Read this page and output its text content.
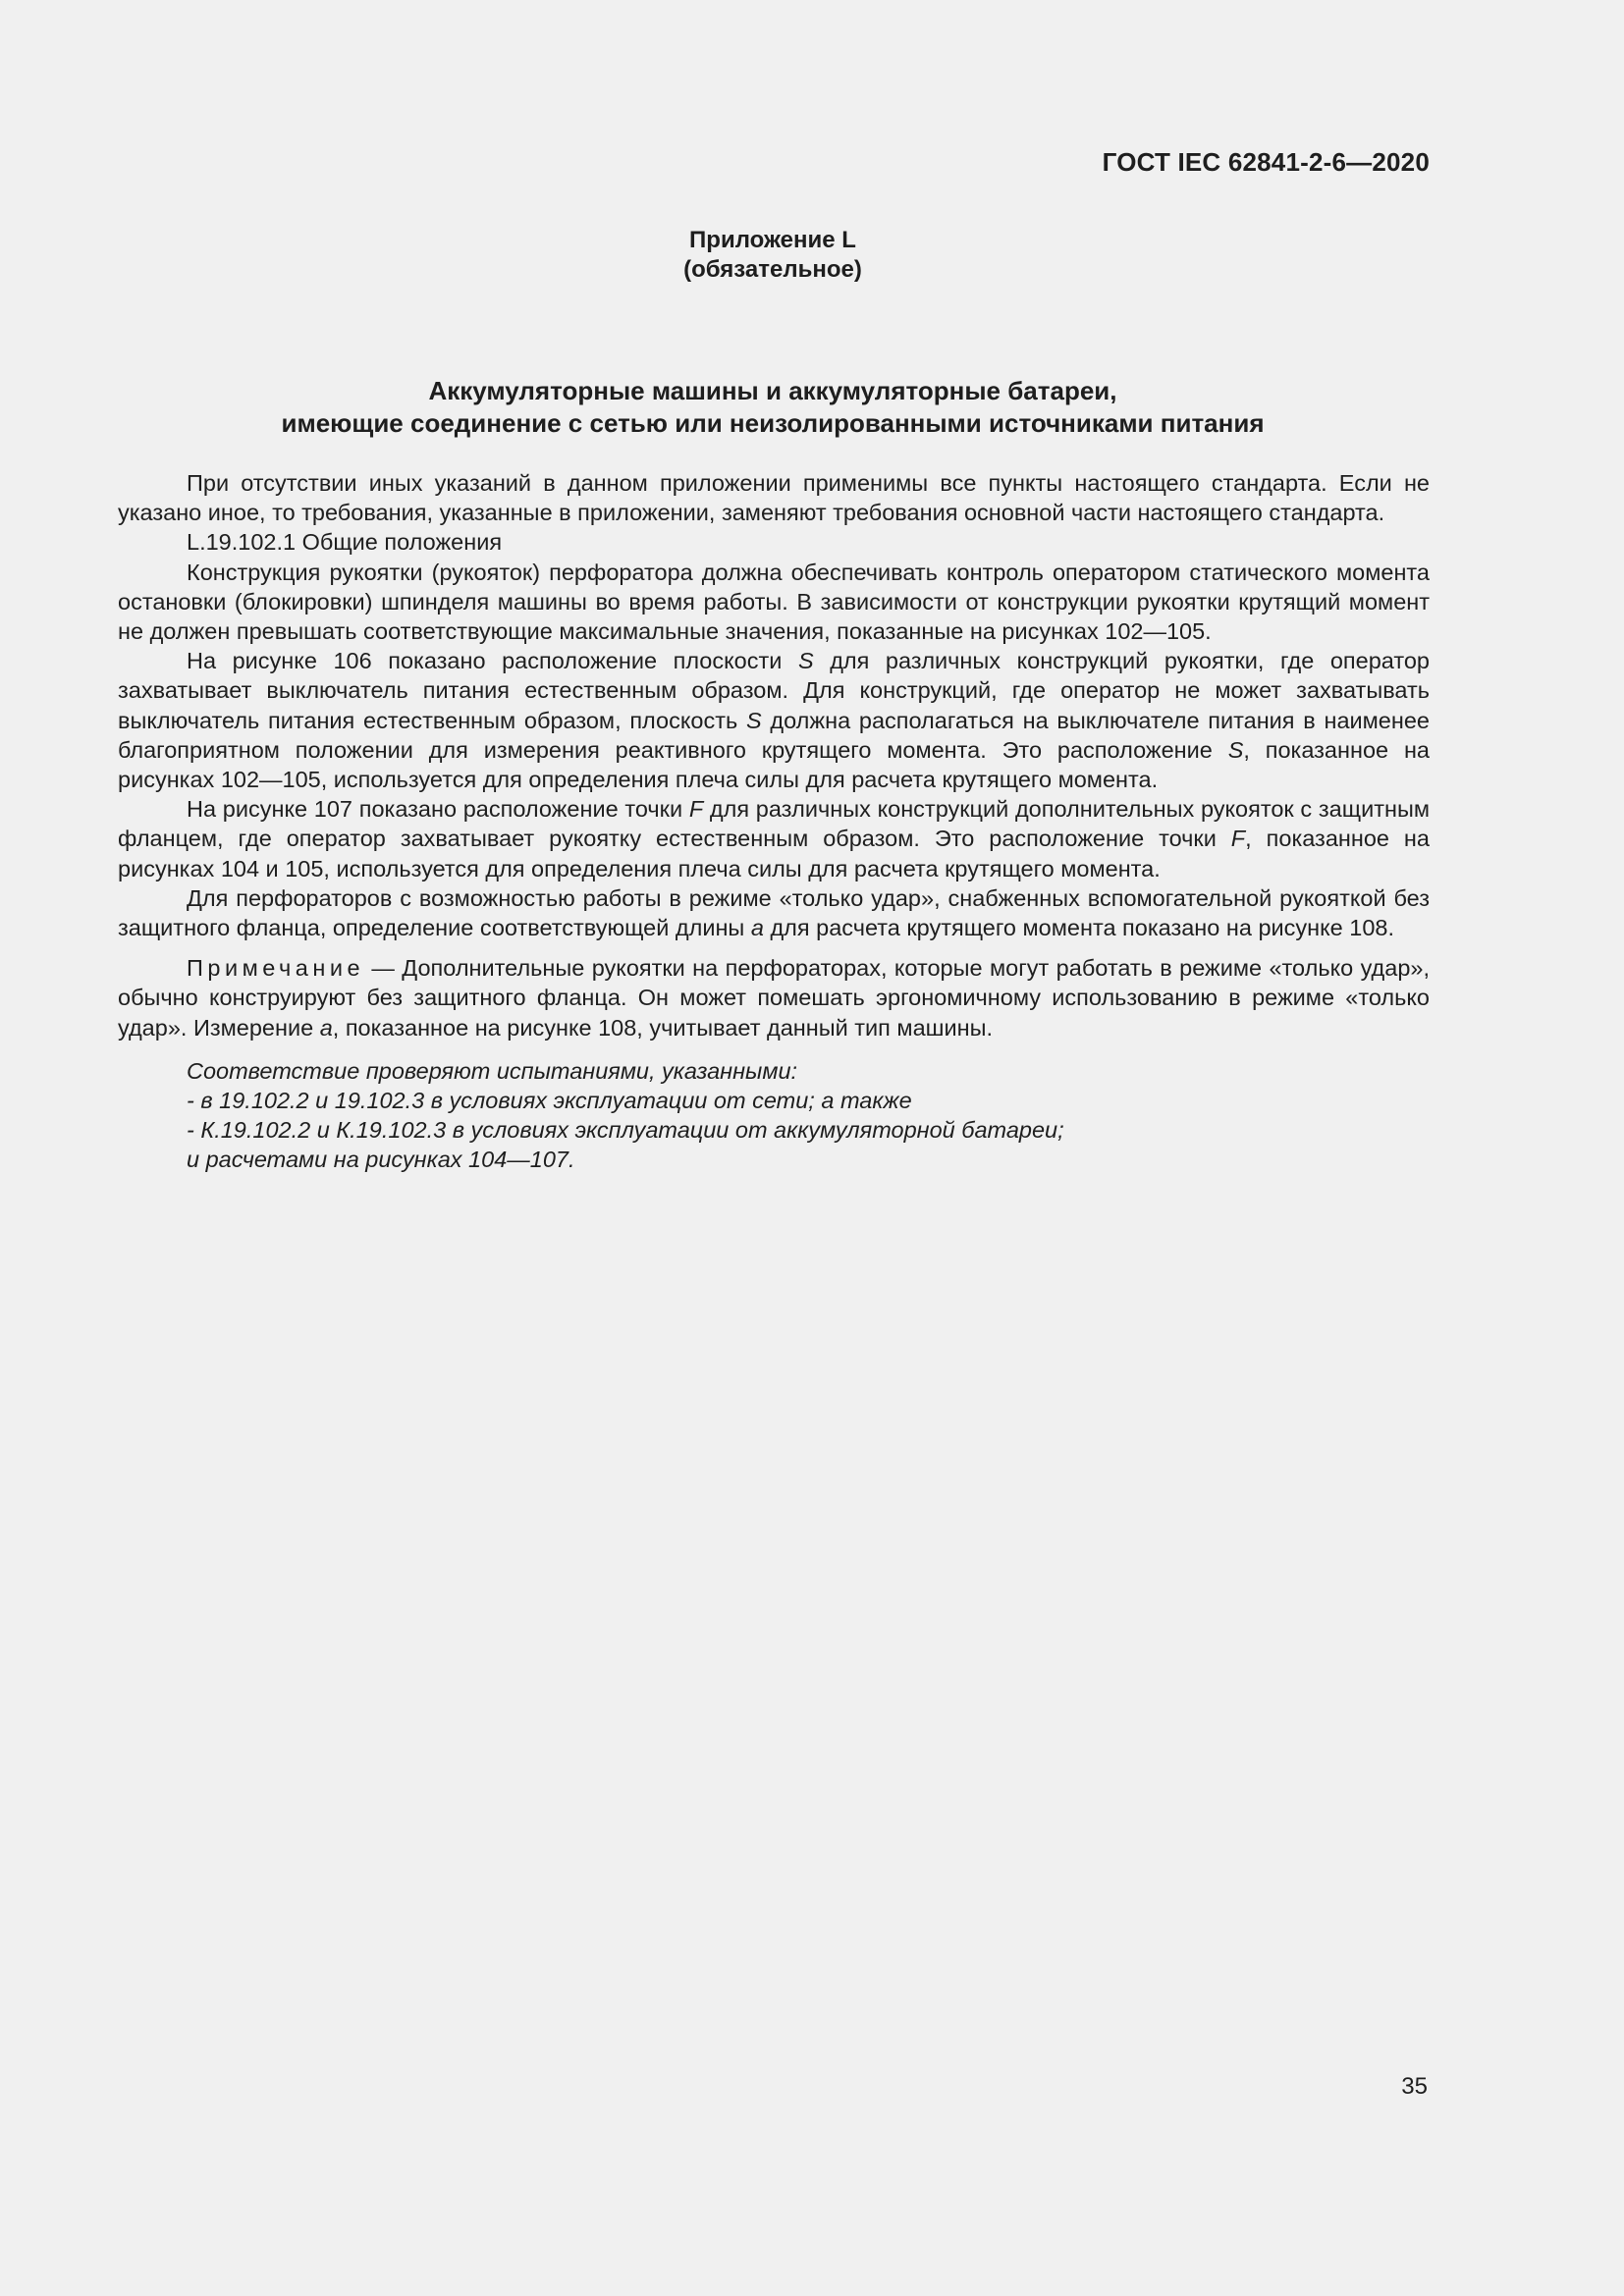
ГОСТ IEC 62841-2-6—2020
Приложение L
(обязательное)
Аккумуляторные машины и аккумуляторные батареи,
имеющие соединение с сетью или неизолированными источниками питания

При отсутствии иных указаний в данном приложении применимы все пункты настоящего стандарта. Если не указано иное, то требования, указанные в приложении, заменяют требования основной части настоящего стандарта.

L.19.102.1 Общие положения

Конструкция рукоятки (рукояток) перфоратора должна обеспечивать контроль оператором статического момента остановки (блокировки) шпинделя машины во время работы. В зависимости от конструкции рукоятки крутящий момент не должен превышать соответствующие максимальные значения, показанные на рисунках 102—105.

На рисунке 106 показано расположение плоскости S для различных конструкций рукоятки, где оператор захватывает выключатель питания естественным образом. Для конструкций, где оператор не может захватывать выключатель питания естественным образом, плоскость S должна располагаться на выключателе питания в наименее благоприятном положении для измерения реактивного крутящего момента. Это расположение S, показанное на рисунках 102—105, используется для определения плеча силы для расчета крутящего момента.

На рисунке 107 показано расположение точки F для различных конструкций дополнительных рукояток с защитным фланцем, где оператор захватывает рукоятку естественным образом. Это расположение точки F, показанное на рисунках 104 и 105, используется для определения плеча силы для расчета крутящего момента.

Для перфораторов с возможностью работы в режиме «только удар», снабженных вспомогательной рукояткой без защитного фланца, определение соответствующей длины a для расчета крутящего момента показано на рисунке 108.

Примечание — Дополнительные рукоятки на перфораторах, которые могут работать в режиме «только удар», обычно конструируют без защитного фланца. Он может помешать эргономичному использованию в режиме «только удар». Измерение a, показанное на рисунке 108, учитывает данный тип машины.

Соответствие проверяют испытаниями, указанными:
- в 19.102.2 и 19.102.3 в условиях эксплуатации от сети; а также
- К.19.102.2 и К.19.102.3 в условиях эксплуатации от аккумуляторной батареи;
и расчетами на рисунках 104—107.
35
